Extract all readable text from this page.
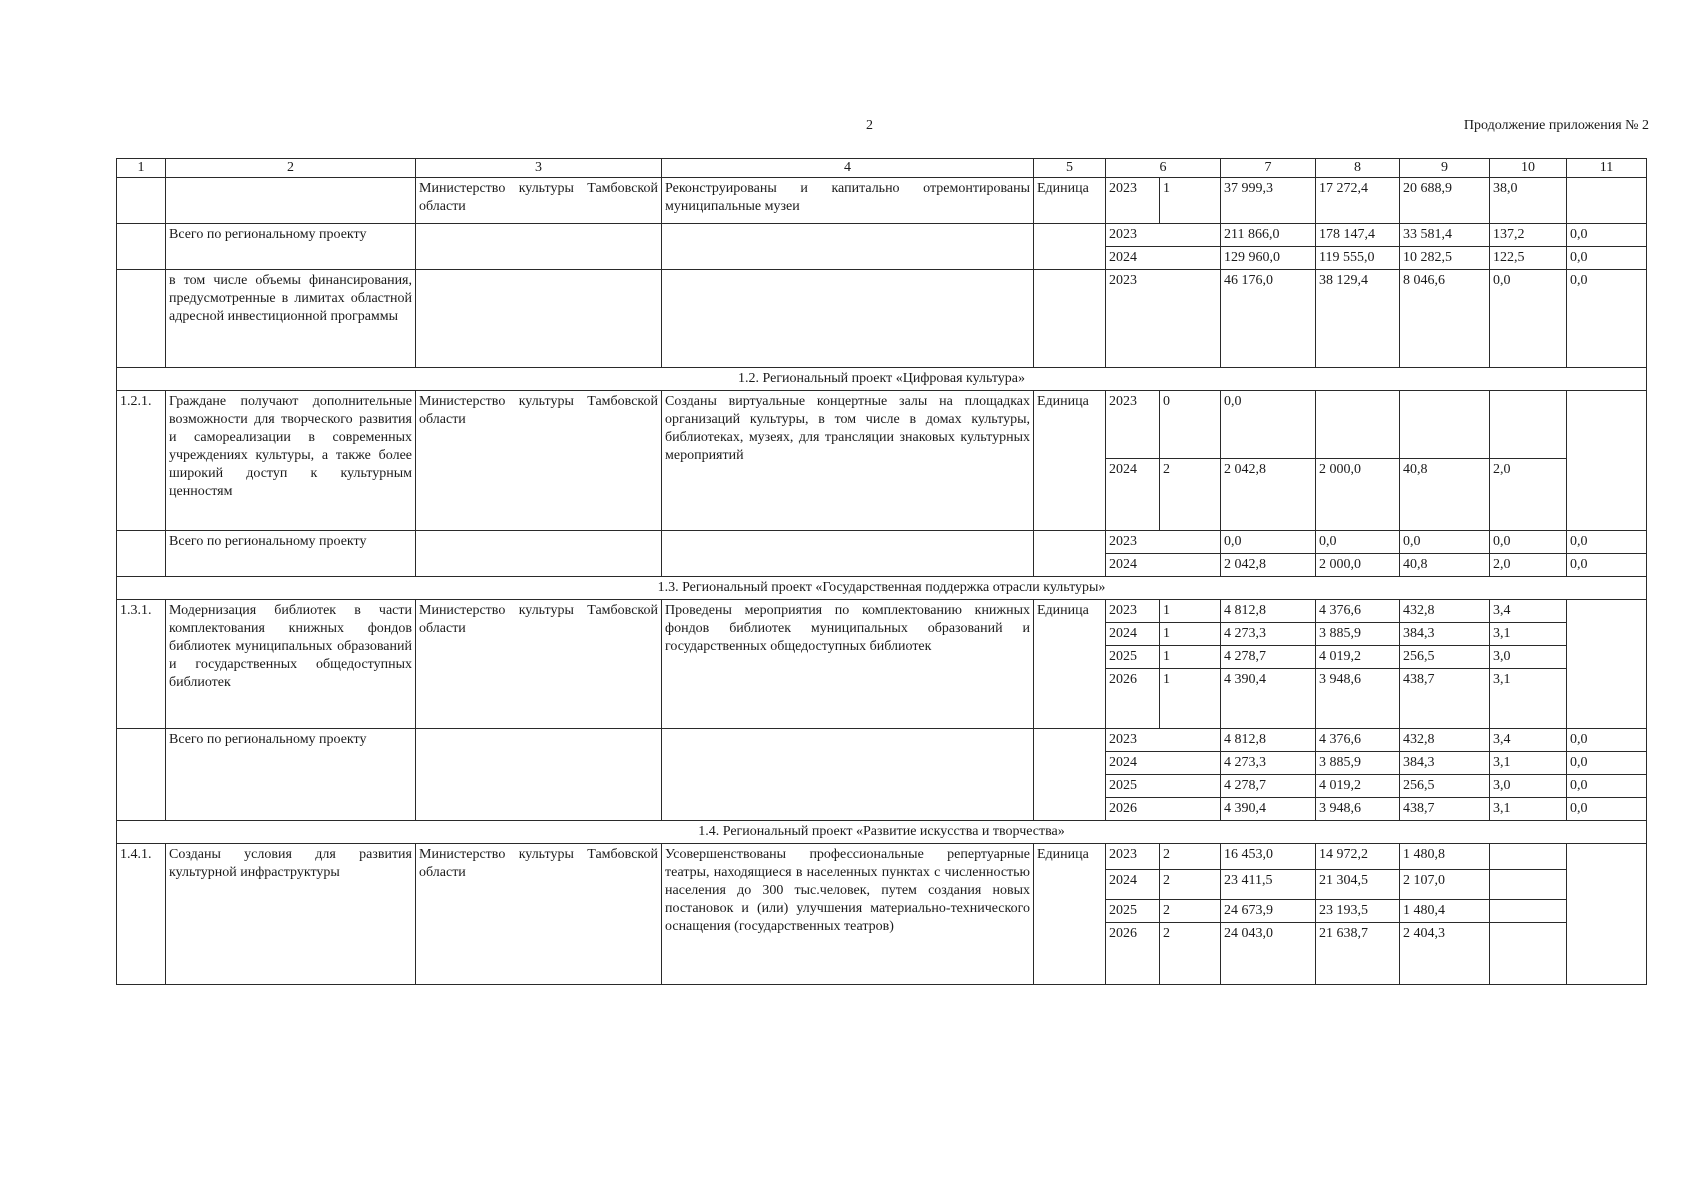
2	Продолжение приложения № 2
1	2	3	4	5	6		7	8	9	10	11
		Министерство культуры Тамбовской области	Реконструированы и капитально отремонтированы муниципальные музеи	Единица	2023	1	37 999,3	17 272,4	20 688,9	38,0	
	Всего по региональному проекту				2023		211 866,0	178 147,4	33 581,4	137,2	0,0
					2024		129 960,0	119 555,0	10 282,5	122,5	0,0
	в том числе объемы финансирования, предусмотренные в лимитах областной адресной инвестиционной программы				2023		46 176,0	38 129,4	8 046,6	0,0	0,0
1.2. Региональный проект «Цифровая культура»											
1.2.1.	Граждане получают дополнительные возможности для творческого развития и самореализации в современных учреждениях культуры, а также более широкий доступ к культурным ценностям	Министерство культуры Тамбовской области	Созданы виртуальные концертные залы на площадках организаций культуры, в том числе в домах культуры, библиотеках, музеях, для трансляции знаковых культурных мероприятий	Единица	2023	0	0,0				
					2024	2	2 042,8	2 000,0	40,8	2,0	
	Всего по региональному проекту				2023		0,0	0,0	0,0	0,0	0,0
					2024		2 042,8	2 000,0	40,8	2,0	0,0
1.3. Региональный проект «Государственная поддержка отрасли культуры»											
1.3.1.	Модернизация библиотек в части комплектования книжных фондов библиотек муниципальных образований и государственных общедоступных библиотек	Министерство культуры Тамбовской области	Проведены мероприятия по комплектованию книжных фондов библиотек муниципальных образований и государственных общедоступных библиотек	Единица	2023	1	4 812,8	4 376,6	432,8	3,4	
					2024	1	4 273,3	3 885,9	384,3	3,1	
					2025	1	4 278,7	4 019,2	256,5	3,0	
					2026	1	4 390,4	3 948,6	438,7	3,1	
	Всего по региональному проекту				2023		4 812,8	4 376,6	432,8	3,4	0,0
					2024		4 273,3	3 885,9	384,3	3,1	0,0
					2025		4 278,7	4 019,2	256,5	3,0	0,0
					2026		4 390,4	3 948,6	438,7	3,1	0,0
1.4. Региональный проект «Развитие искусства и творчества»											
1.4.1.	Созданы условия для развития культурной инфраструктуры	Министерство культуры Тамбовской области	Усовершенствованы профессиональные репертуарные театры, находящиеся в населенных пунктах с численностью населения до 300 тыс.человек, путем создания новых постановок и (или) улучшения материально-технического оснащения (государственных театров)	Единица	2023	2	16 453,0	14 972,2	1 480,8		
					2024	2	23 411,5	21 304,5	2 107,0		
					2025	2	24 673,9	23 193,5	1 480,4		
					2026	2	24 043,0	21 638,7	2 404,3		
